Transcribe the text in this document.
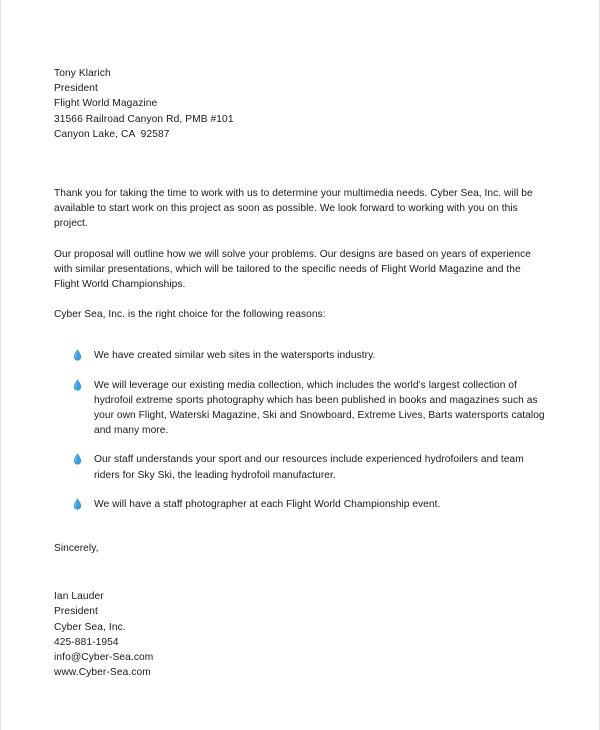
Tony Klarich
President
Flight World Magazine
31566 Railroad Canyon Rd, PMB #101
Canyon Lake, CA  92587

Thank you for taking the time to work with us to determine your multimedia needs. Cyber Sea, Inc. will be available to start work on this project as soon as possible. We look forward to working with you on this project.

Our proposal will outline how we will solve your problems. Our designs are based on years of experience with similar presentations, which will be tailored to the specific needs of Flight World Magazine and the Flight World Championships.

Cyber Sea, Inc. is the right choice for the following reasons:

We have created similar web sites in the watersports industry.
We will leverage our existing media collection, which includes the world’s largest collection of hydrofoil extreme sports photography which has been published in books and magazines such as your own Flight, Waterski Magazine, Ski and Snowboard, Extreme Lives, Barts watersports catalog and many more.
Our staff understands your sport and our resources include experienced hydrofoilers and team riders for Sky Ski, the leading hydrofoil manufacturer.
We will have a staff photographer at each Flight World Championship event.

Sincerely,

Ian Lauder
President
Cyber Sea, Inc.
425-881-1954
info@Cyber-Sea.com
www.Cyber-Sea.com
